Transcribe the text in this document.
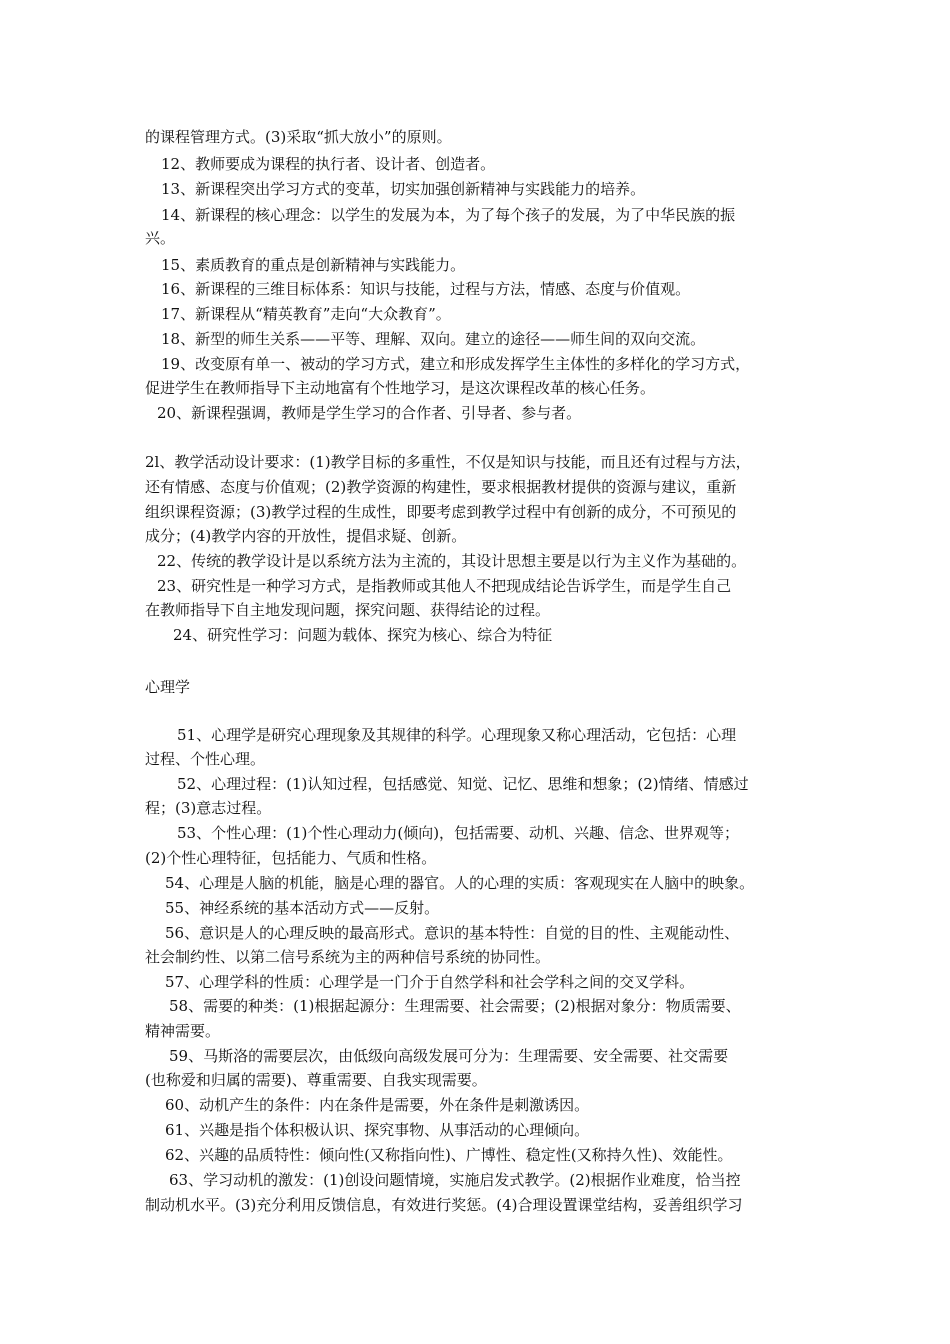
的课程管理方式。(3)采取“抓大放小”的原则。
12、教师要成为课程的执行者、设计者、创造者。
13、新课程突出学习方式的变革，切实加强创新精神与实践能力的培养。
14、新课程的核心理念：以学生的发展为本，为了每个孩子的发展，为了中华民族的振
兴。
15、素质教育的重点是创新精神与实践能力。
16、新课程的三维目标体系：知识与技能，过程与方法，情感、态度与价值观。
17、新课程从“精英教育”走向“大众教育”。
18、新型的师生关系——平等、理解、双向。建立的途径——师生间的双向交流。
19、改变原有单一、被动的学习方式，建立和形成发挥学生主体性的多样化的学习方式，
促进学生在教师指导下主动地富有个性地学习，是这次课程改革的核心任务。
20、新课程强调，教师是学生学习的合作者、引导者、参与者。
2l、教学活动设计要求：(1)教学目标的多重性，不仅是知识与技能，而且还有过程与方法，
还有情感、态度与价值观；(2)教学资源的构建性，要求根据教材提供的资源与建议，重新
组织课程资源；(3)教学过程的生成性，即要考虑到教学过程中有创新的成分，不可预见的
成分；(4)教学内容的开放性，提倡求疑、创新。
22、传统的教学设计是以系统方法为主流的，其设计思想主要是以行为主义作为基础的。
23、研究性是一种学习方式，是指教师或其他人不把现成结论告诉学生，而是学生自己
在教师指导下自主地发现问题，探究问题、获得结论的过程。
24、研究性学习：问题为载体、探究为核心、综合为特征
心理学
51、心理学是研究心理现象及其规律的科学。心理现象又称心理活动，它包括：心理
过程、个性心理。
52、心理过程：(1)认知过程，包括感觉、知觉、记忆、思维和想象；(2)情绪、情感过
程；(3)意志过程。
53、个性心理：(1)个性心理动力(倾向)，包括需要、动机、兴趣、信念、世界观等；
(2)个性心理特征，包括能力、气质和性格。
54、心理是人脑的机能，脑是心理的器官。人的心理的实质：客观现实在人脑中的映象。
55、神经系统的基本活动方式——反射。
56、意识是人的心理反映的最高形式。意识的基本特性：自觉的目的性、主观能动性、
社会制约性、以第二信号系统为主的两种信号系统的协同性。
57、心理学科的性质：心理学是一门介于自然学科和社会学科之间的交叉学科。
58、需要的种类：(1)根据起源分：生理需要、社会需要；(2)根据对象分：物质需要、
精神需要。
59、马斯洛的需要层次，由低级向高级发展可分为：生理需要、安全需要、社交需要
(也称爱和归属的需要)、尊重需要、自我实现需要。
60、动机产生的条件：内在条件是需要，外在条件是刺激诱因。
61、兴趣是指个体积极认识、探究事物、从事活动的心理倾向。
62、兴趣的品质特性：倾向性(又称指向性)、广博性、稳定性(又称持久性)、效能性。
63、学习动机的激发：(1)创设问题情境，实施启发式教学。(2)根据作业难度，恰当控
制动机水平。(3)充分利用反馈信息，有效进行奖惩。(4)合理设置课堂结构，妥善组织学习
